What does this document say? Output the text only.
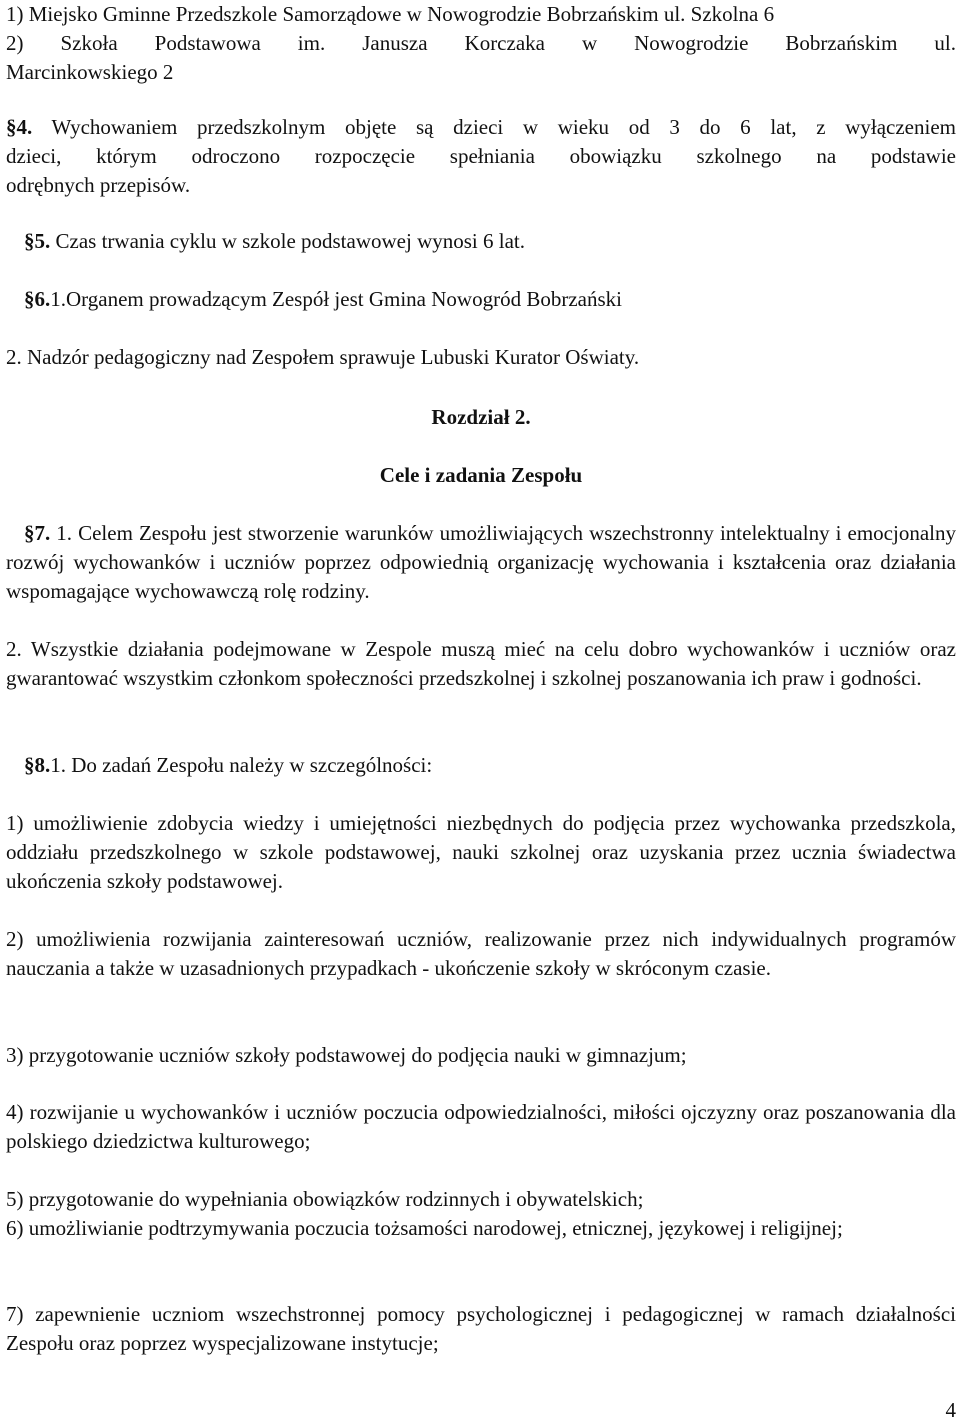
1) Miejsko Gminne Przedszkole Samorządowe w Nowogrodzie Bobrzańskim ul. Szkolna 6
2) Szkoła Podstawowa im. Janusza Korczaka w Nowogrodzie Bobrzańskim ul.
Marcinkowskiego 2
§4. Wychowaniem przedszkolnym objęte są dzieci w wieku od 3 do 6 lat, z wyłączeniem
dzieci, którym odroczono rozpoczęcie spełniania obowiązku szkolnego na podstawie
odrębnych przepisów.
§5. Czas trwania cyklu w szkole podstawowej wynosi 6 lat.
§6.1.Organem prowadzącym Zespół jest Gmina Nowogród Bobrzański
2. Nadzór pedagogiczny nad Zespołem sprawuje Lubuski Kurator Oświaty.
Rozdział 2.
Cele i zadania Zespołu
§7. 1. Celem Zespołu jest stworzenie warunków umożliwiających wszechstronny intelektualny i emocjonalny rozwój wychowanków i uczniów poprzez odpowiednią organizację wychowania i kształcenia oraz działania wspomagające wychowawczą rolę rodziny.
2. Wszystkie działania podejmowane w Zespole muszą mieć na celu dobro wychowanków i uczniów oraz gwarantować wszystkim członkom społeczności przedszkolnej i szkolnej poszanowania ich praw i godności.
§8.1. Do zadań Zespołu należy w szczególności:
1) umożliwienie zdobycia wiedzy i umiejętności niezbędnych do podjęcia przez wychowanka przedszkola, oddziału przedszkolnego w szkole podstawowej, nauki szkolnej oraz uzyskania przez ucznia świadectwa ukończenia szkoły podstawowej.
2) umożliwienia rozwijania zainteresowań uczniów, realizowanie przez nich indywidualnych programów nauczania a także w uzasadnionych przypadkach - ukończenie szkoły w skróconym czasie.
3) przygotowanie uczniów szkoły podstawowej do podjęcia nauki w gimnazjum;
4) rozwijanie u wychowanków i uczniów poczucia odpowiedzialności, miłości ojczyzny oraz poszanowania dla polskiego dziedzictwa kulturowego;
5) przygotowanie do wypełniania obowiązków rodzinnych i obywatelskich;
6) umożliwianie podtrzymywania poczucia tożsamości narodowej, etnicznej, językowej i religijnej;
7) zapewnienie uczniom wszechstronnej pomocy psychologicznej i pedagogicznej w ramach działalności Zespołu oraz poprzez wyspecjalizowane instytucje;
4
